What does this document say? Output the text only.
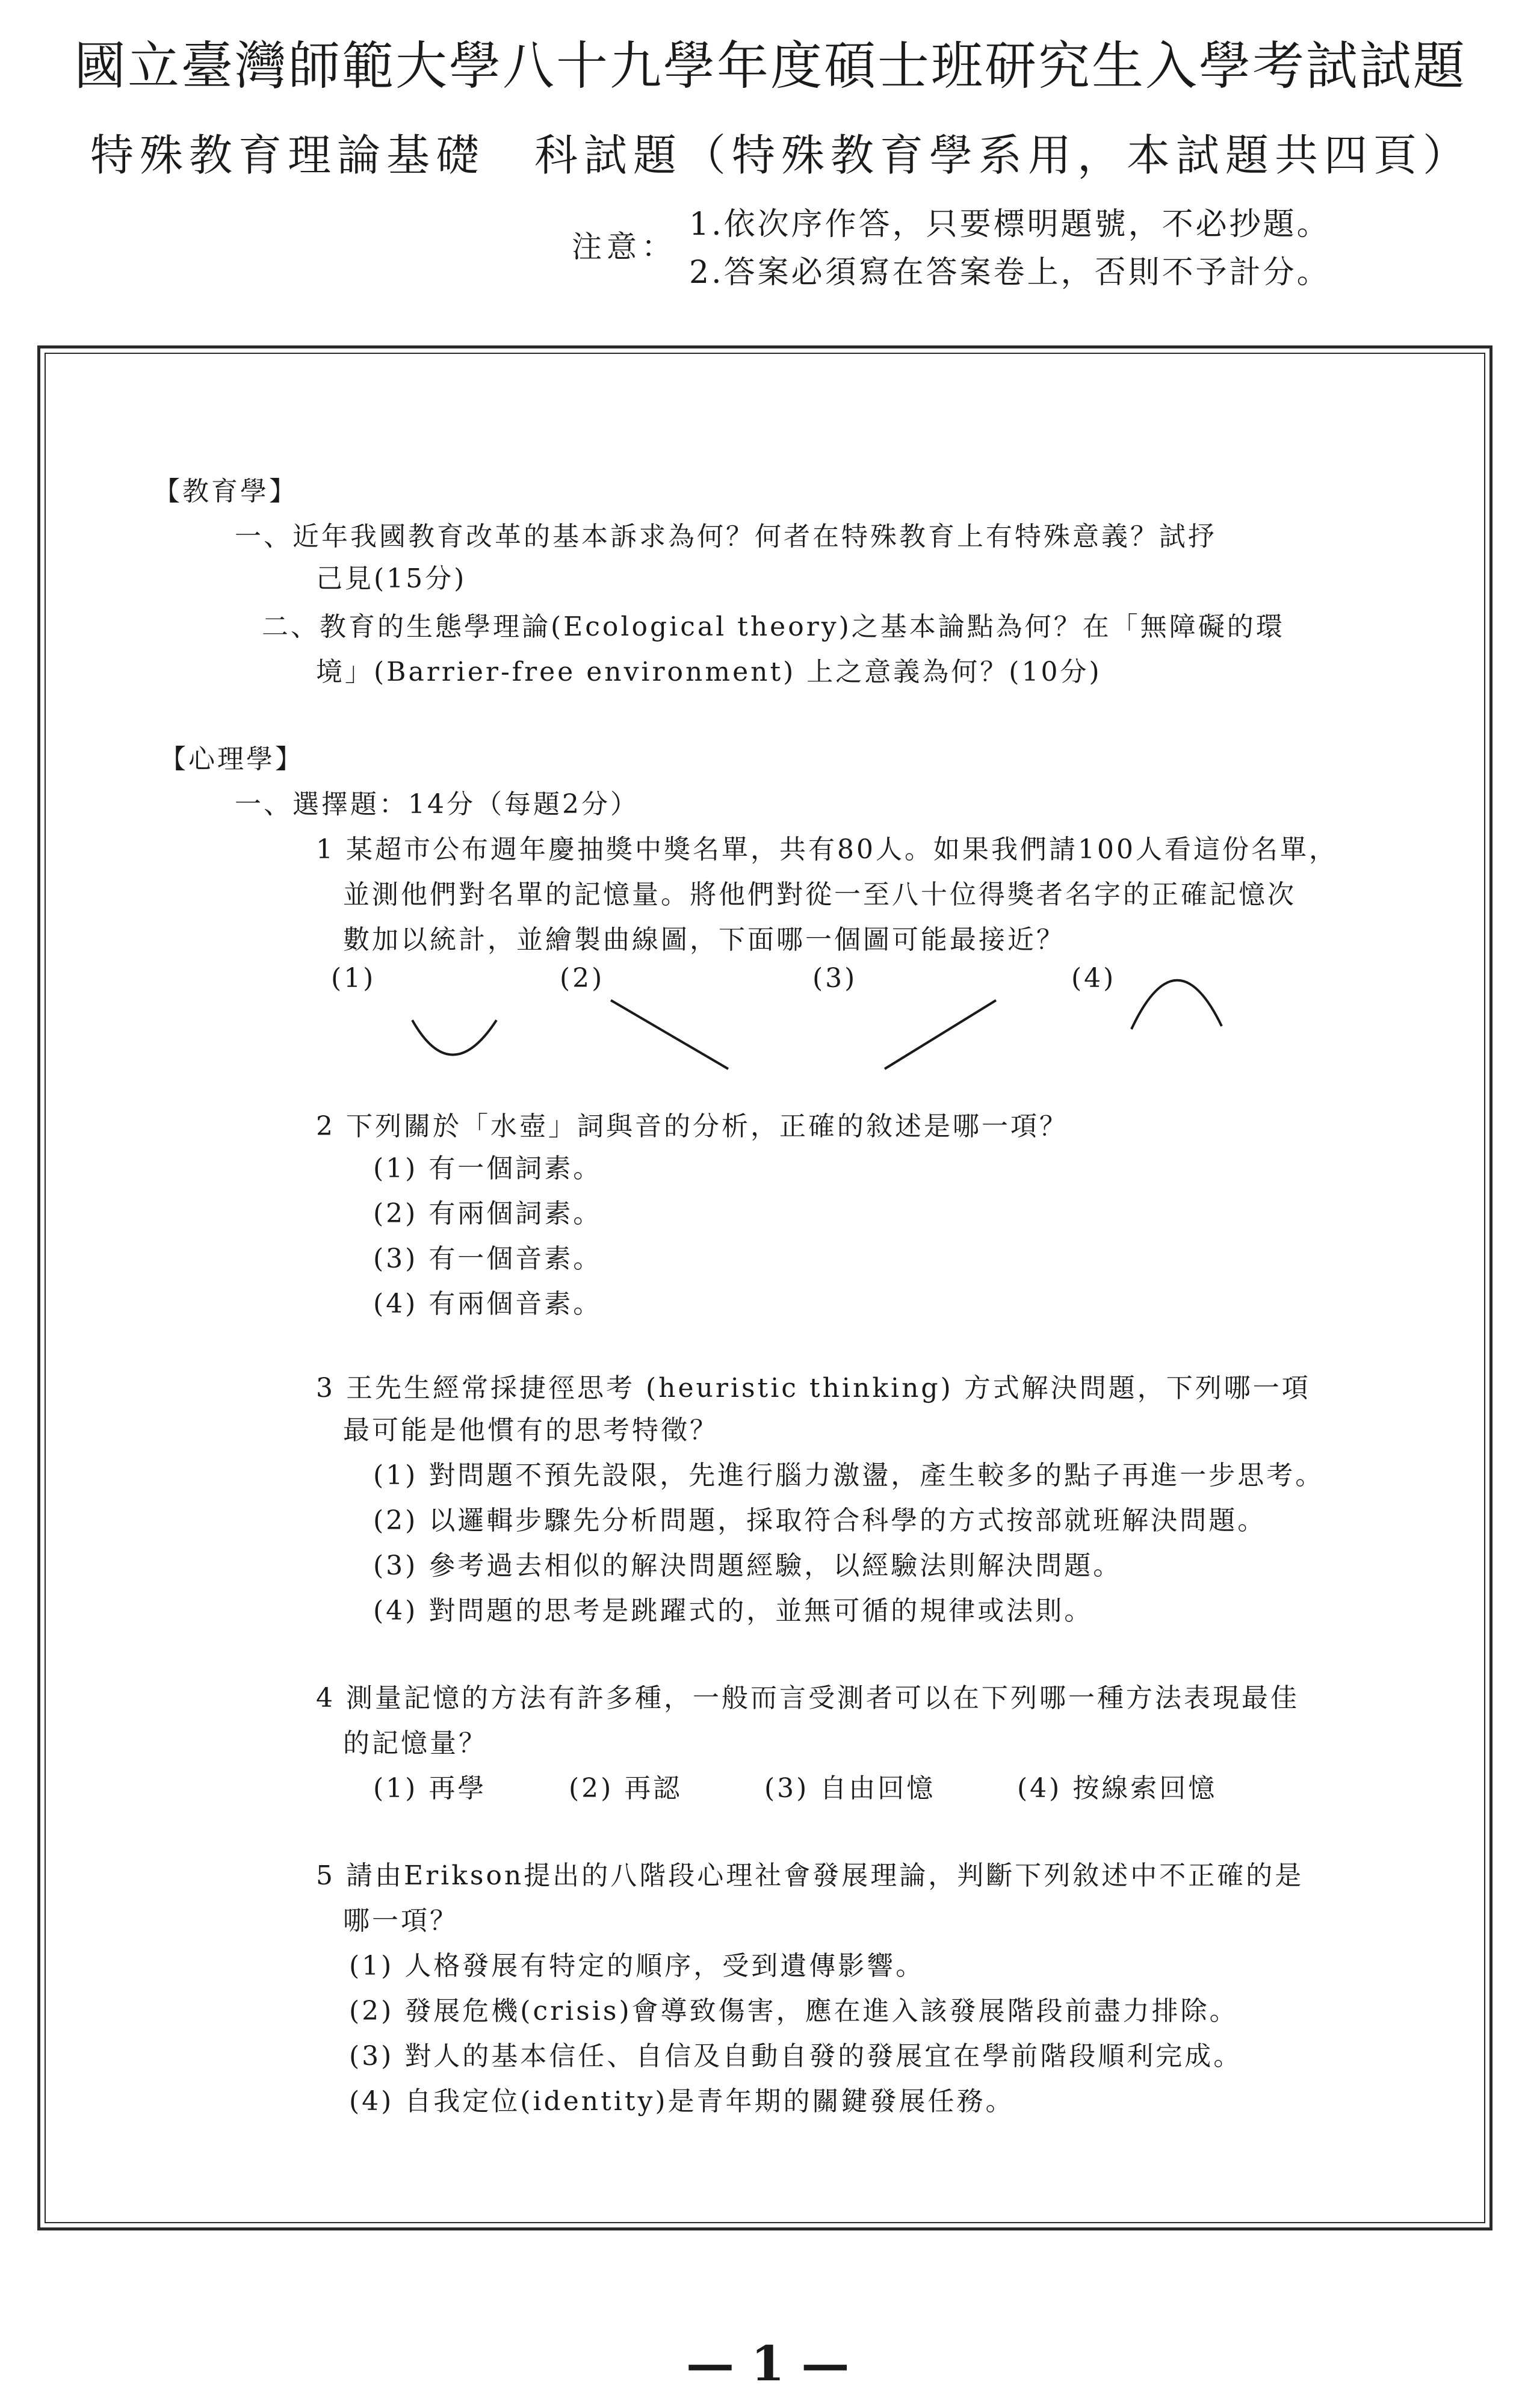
國立臺灣師範大學八十九學年度碩士班研究生入學考試試題
特殊教育理論基礎　科試題（特殊教育學系用，本試題共四頁）
注意：
1.依次序作答，只要標明題號，不必抄題。
2.答案必須寫在答案卷上，否則不予計分。
【教育學】
一、近年我國教育改革的基本訴求為何？何者在特殊教育上有特殊意義？試抒
己見(15分)
二、教育的生態學理論(Ecological theory)之基本論點為何？在「無障礙的環
境」(Barrier-free environment) 上之意義為何？(10分)
【心理學】
一、選擇題：14分（每題2分）
1 某超市公布週年慶抽獎中獎名單，共有80人。如果我們請100人看這份名單，
並測他們對名單的記憶量。將他們對從一至八十位得獎者名字的正確記憶次
數加以統計，並繪製曲線圖，下面哪一個圖可能最接近？
(1)	(2)	(3)	(4)
2 下列關於「水壺」詞與音的分析，正確的敘述是哪一項？
(1) 有一個詞素。
(2) 有兩個詞素。
(3) 有一個音素。
(4) 有兩個音素。
3 王先生經常採捷徑思考 (heuristic thinking) 方式解決問題，下列哪一項
最可能是他慣有的思考特徵？
(1) 對問題不預先設限，先進行腦力激盪，產生較多的點子再進一步思考。
(2) 以邏輯步驟先分析問題，採取符合科學的方式按部就班解決問題。
(3) 參考過去相似的解決問題經驗，以經驗法則解決問題。
(4) 對問題的思考是跳躍式的，並無可循的規律或法則。
4 測量記憶的方法有許多種，一般而言受測者可以在下列哪一種方法表現最佳
的記憶量？
(1) 再學	(2) 再認	(3) 自由回憶	(4) 按線索回憶
5 請由Erikson提出的八階段心理社會發展理論，判斷下列敘述中不正確的是
哪一項？
(1) 人格發展有特定的順序，受到遺傳影響。
(2) 發展危機(crisis)會導致傷害，應在進入該發展階段前盡力排除。
(3) 對人的基本信任、自信及自動自發的發展宜在學前階段順利完成。
(4) 自我定位(identity)是青年期的關鍵發展任務。
— 1 —
